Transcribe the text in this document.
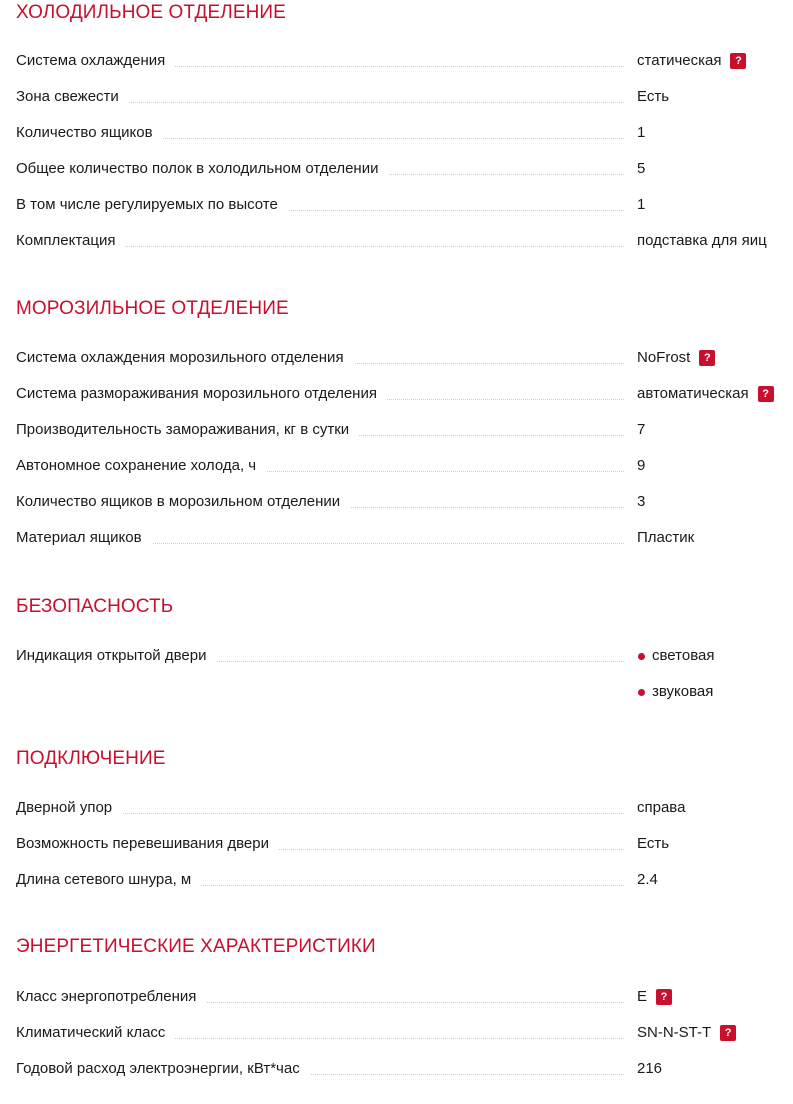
ХОЛОДИЛЬНОЕ ОТДЕЛЕНИЕ
Система охлаждения	статическая	?
Зона свежести	Есть
Количество ящиков	1
Общее количество полок в холодильном отделении	5
В том числе регулируемых по высоте	1
Комплектация	подставка для яиц
МОРОЗИЛЬНОЕ ОТДЕЛЕНИЕ
Система охлаждения морозильного отделения	NoFrost	?
Система размораживания морозильного отделения	автоматическая	?
Производительность замораживания, кг в сутки	7
Автономное сохранение холода, ч	9
Количество ящиков в морозильном отделении	3
Материал ящиков	Пластик
БЕЗОПАСНОСТЬ
Индикация открытой двери	световая
звуковая
ПОДКЛЮЧЕНИЕ
Дверной упор	справа
Возможность перевешивания двери	Есть
Длина сетевого шнура, м	2.4
ЭНЕРГЕТИЧЕСКИЕ ХАРАКТЕРИСТИКИ
Класс энергопотребления	E	?
Климатический класс	SN-N-ST-T	?
Годовой расход электроэнергии, кВт*час	216
